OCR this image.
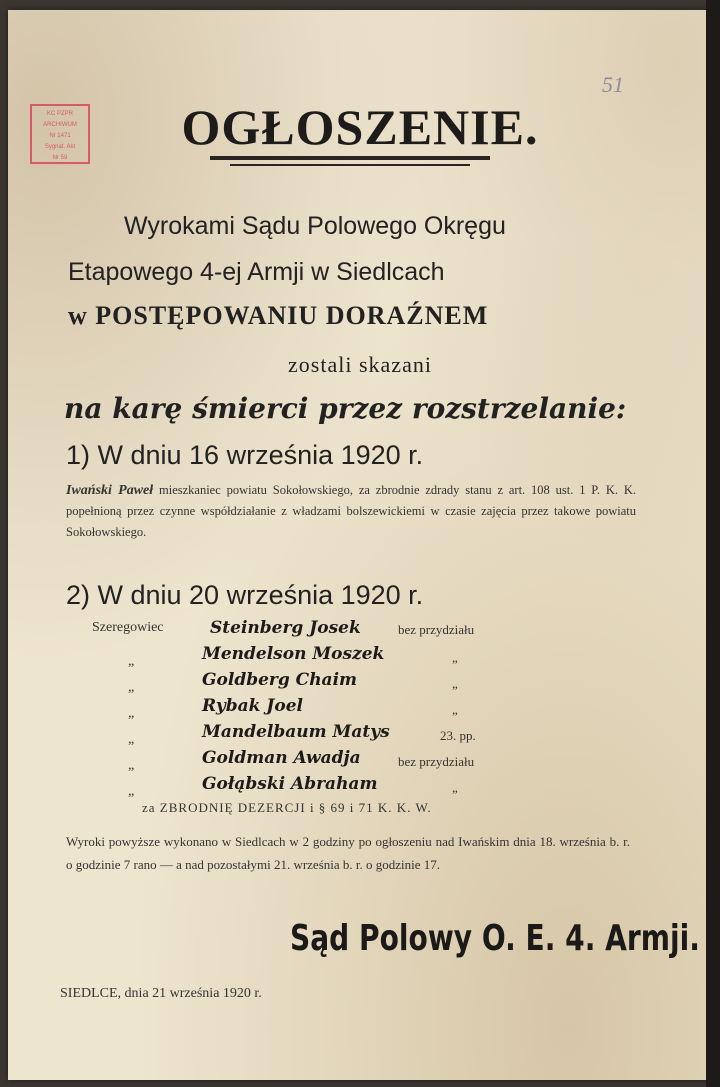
51
KC PZPR
ARCHIWUM
Nr 1471
Sygnat. Akt
Nr 59
OGŁOSZENIE.
Wyrokami Sądu Polowego Okręgu
Etapowego 4-ej Armji w Siedlcach
w POSTĘPOWANIU DORAŹNEM
zostali skazani
na karę śmierci przez rozstrzelanie:
1) W dniu 16 września 1920 r.
Iwański Paweł mieszkaniec powiatu Sokołowskiego, za zbrodnie zdrady stanu z art. 108 ust. 1 P. K. K. popełnioną przez czynne współdziałanie z władzami bolszewickiemi w czasie zajęcia przez takowe powiatu Sokołowskiego.
2) W dniu 20 września 1920 r.
Szeregowiec
„
„
„
„
„
„
Steinberg Josek
Mendelson Moszek
Goldberg Chaim
Rybak Joel
Mandelbaum Matys
Goldman Awadja
Gołąbski Abraham
bez przydziału
„
„
„
23. pp.
bez przydziału
„
za ZBRODNIĘ DEZERCJI i § 69 i 71 K. K. W.
Wyroki powyższe wykonano w Siedlcach w 2 godziny po ogłoszeniu nad Iwańskim dnia 18. września b. r. o godzinie 7 rano — a nad pozostałymi 21. września b. r. o godzinie 17.
Sąd Polowy O. E. 4. Armji.
SIEDLCE, dnia 21 września 1920 r.
